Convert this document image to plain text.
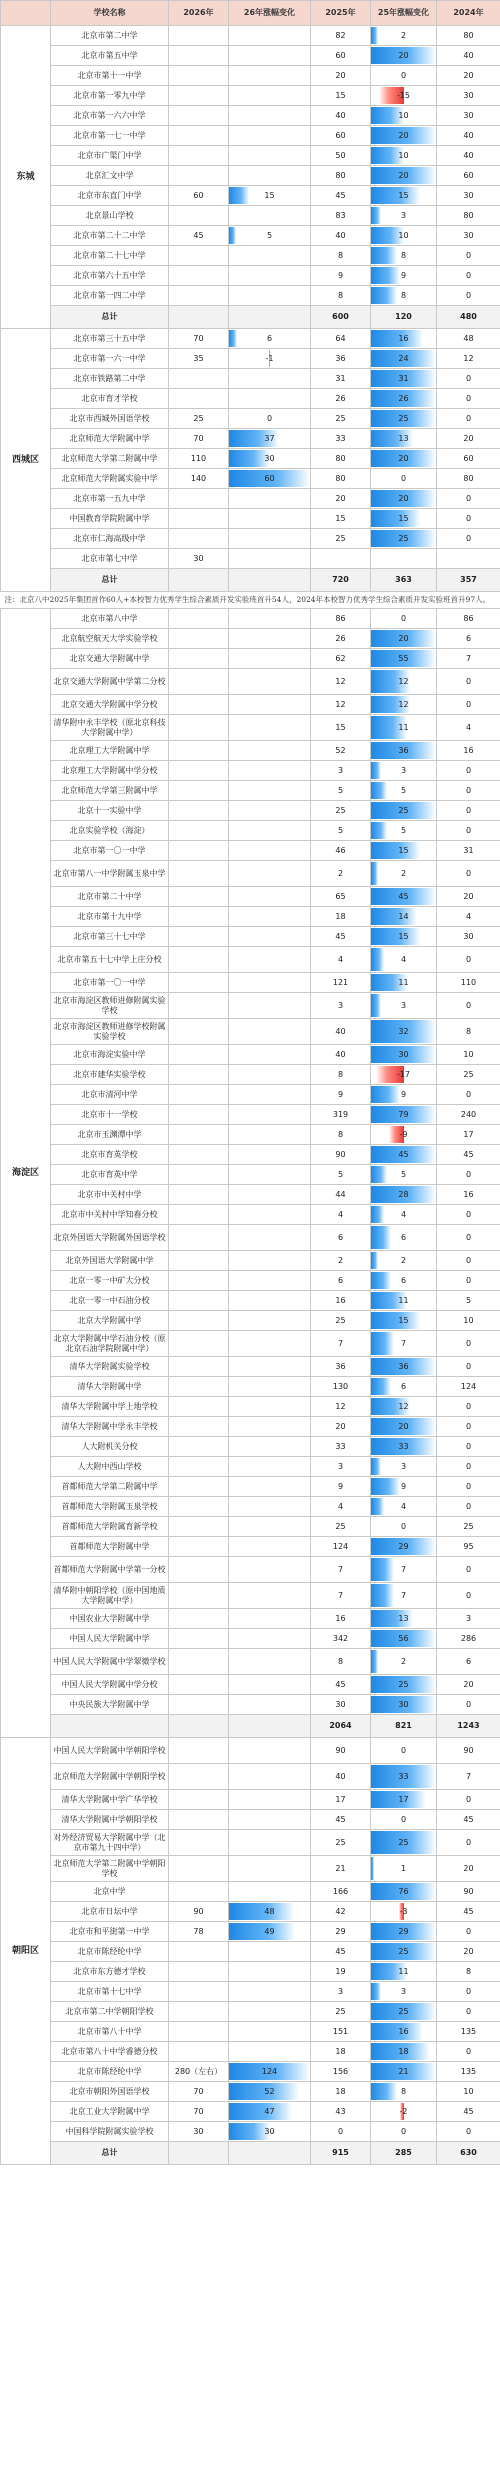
	学校名称	2026年	26年涨幅变化	2025年	25年涨幅变化	2024年
东城	北京市第二中学			82	2	80
	北京市第五中学			60	20	40
	北京市第十一中学			20	0	20
	北京市第一零九中学			15	-15	30
	北京市第一六六中学			40	10	30
	北京市第一七一中学			60	20	40
	北京市广渠门中学			50	10	40
	北京汇文中学			80	20	60
	北京市东直门中学	60	15	45	15	30
	北京景山学校			83	3	80
	北京市第二十二中学	45	5	40	10	30
	北京市第二十七中学			8	8	0
	北京市第六十五中学			9	9	0
	北京市第一四二中学			8	8	0
	总计			600	120	480
西城区	北京市第三十五中学	70	6	64	16	48
	北京市第一六一中学	35	-1	36	24	12
	北京市铁路第二中学			31	31	0
	北京市育才学校			26	26	0
	北京市西城外国语学校	25	0	25	25	0
	北京师范大学附属中学	70	37	33	13	20
	北京师范大学第二附属中学	110	30	80	20	60
	北京师范大学附属实验中学	140	60	80	0	80
	北京市第一五九中学			20	20	0
	中国教育学院附属中学			15	15	0
	北京市仁海高级中学			25	25	0
	北京市第七中学	30				
	总计			720	363	357
注：北京八中2025年集团首作60人+本校智力优秀学生综合素质开发实验班首升54人，2024年本校智力优秀学生综合素质开发实验班首升97人。						
海淀区	北京市第八中学			86	0	86
	北京航空航天大学实验学校			26	20	6
	北京交通大学附属中学			62	55	7
	北京交通大学附属中学第二分校			12	12	0
	北京交通大学附属中学分校			12	12	0
	清华附中永丰学校（原北京科技大学附属中学）			15	11	4
	北京理工大学附属中学			52	36	16
	北京理工大学附属中学分校			3	3	0
	北京师范大学第三附属中学			5	5	0
	北京十一实验中学			25	25	0
	北京实验学校（海淀）			5	5	0
	北京市第一〇一中学			46	15	31
	北京市第八一中学附属玉泉中学			2	2	0
	北京市第二十中学			65	45	20
	北京市第十九中学			18	14	4
	北京市第三十七中学			45	15	30
	北京市第五十七中学上庄分校			4	4	0
	北京市第一〇一中学			121	11	110
	北京市海淀区教师进修附属实验学校			3	3	0
	北京市海淀区教师进修学校附属实验学校			40	32	8
	北京市海淀实验中学			40	30	10
	北京市建华实验学校			8	-17	25
	北京市清河中学			9	9	0
	北京市十一学校			319	79	240
	北京市玉渊潭中学			8	-9	17
	北京市育英学校			90	45	45
	北京市育英中学			5	5	0
	北京市中关村中学			44	28	16
	北京市中关村中学知春分校			4	4	0
	北京外国语大学附属外国语学校			6	6	0
	北京外国语大学附属中学			2	2	0
	北京一零一中矿大分校			6	6	0
	北京一零一中石油分校			16	11	5
	北京大学附属中学			25	15	10
	北京大学附属中学石油分校（原北京石油学院附属中学）			7	7	0
	清华大学附属实验学校			36	36	0
	清华大学附属中学			130	6	124
	清华大学附属中学上地学校			12	12	0
	清华大学附属中学永丰学校			20	20	0
	人大附机关分校			33	33	0
	人大附中西山学校			3	3	0
	首都师范大学第二附属中学			9	9	0
	首都师范大学附属玉泉学校			4	4	0
	首都师范大学附属育新学校			25	0	25
	首都师范大学附属中学			124	29	95
	首都师范大学附属中学第一分校			7	7	0
	清华附中朝阳学校（原中国地质大学附属中学）			7	7	0
	中国农业大学附属中学			16	13	3
	中国人民大学附属中学			342	56	286
	中国人民大学附属中学翠微学校			8	2	6
	中国人民大学附属中学分校			45	25	20
	中央民族大学附属中学			30	30	0
				2064	821	1243
朝阳区	中国人民大学附属中学朝阳学校			90	0	90
	北京师范大学附属中学朝阳学校			40	33	7
	清华大学附属中学广华学校			17	17	0
	清华大学附属中学朝阳学校			45	0	45
	对外经济贸易大学附属中学（北京市第九十四中学）			25	25	0
	北京师范大学第二附属中学朝阳学校			21	1	20
	北京中学			166	76	90
	北京市日坛中学	90	48	42	-3	45
	北京市和平街第一中学	78	49	29	29	0
	北京市陈经纶中学			45	25	20
	北京市东方德才学校			19	11	8
	北京市第十七中学			3	3	0
	北京市第二中学朝阳学校			25	25	0
	北京市第八十中学			151	16	135
	北京市第八十中学睿德分校			18	18	0
	北京市陈经纶中学	280（左右）	124	156	21	135
	北京市朝阳外国语学校	70	52	18	8	10
	北京工业大学附属中学	70	47	43	-2	45
	中国科学院附属实验学校	30	30	0	0	0
	总计			915	285	630
